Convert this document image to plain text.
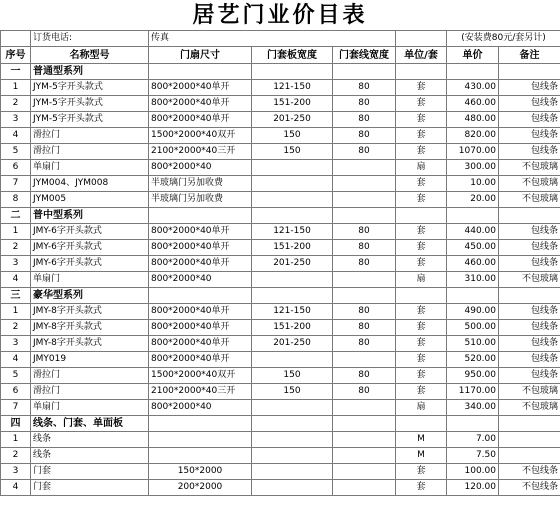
居艺门业价目表
	订货电话:	传真				(安装费80元/套另计)	
序号	名称型号	门扇尺寸	门套板宽度	门套线宽度	单位/套	单价	备注
一	普通型系列						
1	JYM-5字开头款式	800*2000*40单开	121-150	80	套	430.00	包线条
2	JYM-5字开头款式	800*2000*40单开	151-200	80	套	460.00	包线条
3	JYM-5字开头款式	800*2000*40单开	201-250	80	套	480.00	包线条
4	滑拉门	1500*2000*40双开	150	80	套	820.00	包线条
5	滑拉门	2100*2000*40三开	150	80	套	1070.00	包线条
6	单扇门	800*2000*40			扇	300.00	不包玻璃
7	JYM004、JYM008	半玻璃门另加收费			套	10.00	不包玻璃
8	JYM005	半玻璃门另加收费			套	20.00	不包玻璃
二	普中型系列						
1	JMY-6字开头款式	800*2000*40单开	121-150	80	套	440.00	包线条
2	JMY-6字开头款式	800*2000*40单开	151-200	80	套	450.00	包线条
3	JMY-6字开头款式	800*2000*40单开	201-250	80	套	460.00	包线条
4	单扇门	800*2000*40			扇	310.00	不包玻璃
三	豪华型系列						
1	JMY-8字开头款式	800*2000*40单开	121-150	80	套	490.00	包线条
2	JMY-8字开头款式	800*2000*40单开	151-200	80	套	500.00	包线条
3	JMY-8字开头款式	800*2000*40单开	201-250	80	套	510.00	包线条
4	JMY019	800*2000*40单开			套	520.00	包线条
5	滑拉门	1500*2000*40双开	150	80	套	950.00	包线条
6	滑拉门	2100*2000*40三开	150	80	套	1170.00	不包玻璃
7	单扇门	800*2000*40			扇	340.00	不包玻璃
四	线条、门套、单面板						
1	线条				M	7.00	
2	线条				M	7.50	
3	门套	150*2000			套	100.00	不包线条
4	门套	200*2000			套	120.00	不包线条
